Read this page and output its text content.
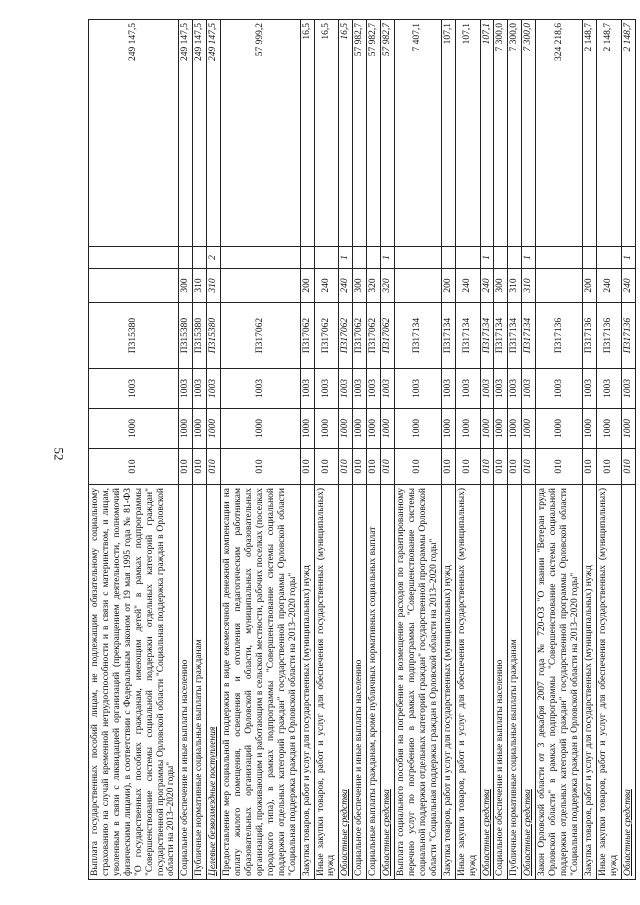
52
Выплата государственных пособий лицам, не подлежащим обязательному социальному страхованию на случай временной нетрудоспособности и в связи с материнством, и лицам, уволенным в связи с ликвидацией организаций (прекращением деятельности, полномочий физическими лицами), в соответствии с Федеральным законом от 19 мая 1995 года № 81-ФЗ "О государственных пособиях гражданам, имеющим детей" в рамках подпрограммы "Совершенствование системы социальной поддержки отдельных категорий граждан" государственной программы Орловской области "Социальная поддержка граждан в Орловской области на 2013–2020 годы"	010	1000	1003	П315380			249 147,5
Социальное обеспечение и иные выплаты населению	010	1000	1003	П315380	300		249 147,5
Публичные нормативные социальные выплаты гражданам	010	1000	1003	П315380	310		249 147,5
Целевые безвозмездные поступления	010	1000	1003	П315380	310	2	249 147,5
Предоставление мер социальной поддержки в виде ежемесячной денежной компенсации на оплату жилого помещения, освещения и отопления педагогическим работникам образовательных организаций Орловской области, муниципальных образовательных организаций, проживающим и работающим в сельской местности, рабочих поселках (поселках городского типа), в рамках подпрограммы "Совершенствование системы социальной поддержки отдельных категорий граждан" государственной программы Орловской области "Социальная поддержка граждан в Орловской области на 2013–2020 годы"	010	1000	1003	П317062			57 999,2
Закупка товаров, работ и услуг для государственных (муниципальных) нужд	010	1000	1003	П317062	200		16,5
Иные закупки товаров, работ и услуг для обеспечения государственных (муниципальных) нужд	010	1000	1003	П317062	240		16,5
Областные средства	010	1000	1003	П317062	240	1	16,5
Социальное обеспечение и иные выплаты населению	010	1000	1003	П317062	300		57 982,7
Социальные выплаты гражданам, кроме публичных нормативных социальных выплат	010	1000	1003	П317062	320		57 982,7
Областные средства	010	1000	1003	П317062	320	1	57 982,7
Выплата социального пособия на погребение и возмещение расходов по гарантированному перечню услуг по погребению в рамках подпрограммы "Совершенствование системы социальной поддержки отдельных категорий граждан" государственной программы Орловской области "Социальная поддержка граждан в Орловской области на 2013–2020 годы"	010	1000	1003	П317134			7 407,1
Закупка товаров, работ и услуг для государственных (муниципальных) нужд	010	1000	1003	П317134	200		107,1
Иные закупки товаров, работ и услуг для обеспечения государственных (муниципальных) нужд	010	1000	1003	П317134	240		107,1
Областные средства	010	1000	1003	П317134	240	1	107,1
Социальное обеспечение и иные выплаты населению	010	1000	1003	П317134	300		7 300,0
Публичные нормативные социальные выплаты гражданам	010	1000	1003	П317134	310		7 300,0
Областные средства	010	1000	1003	П317134	310	1	7 300,0
Закон Орловской области от 3 декабря 2007 года № 720-ОЗ "О звании "Ветеран труда Орловской области" в рамках подпрограммы "Совершенствование системы социальной поддержки отдельных категорий граждан" государственной программы Орловской области "Социальная поддержка граждан в Орловской области на 2013–2020 годы"	010	1000	1003	П317136			324 218,6
Закупка товаров, работ и услуг для государственных (муниципальных) нужд	010	1000	1003	П317136	200		2 148,7
Иные закупки товаров, работ и услуг для обеспечения государственных (муниципальных) нужд	010	1000	1003	П317136	240		2 148,7
Областные средства	010	1000	1003	П317136	240	1	2 148,7
